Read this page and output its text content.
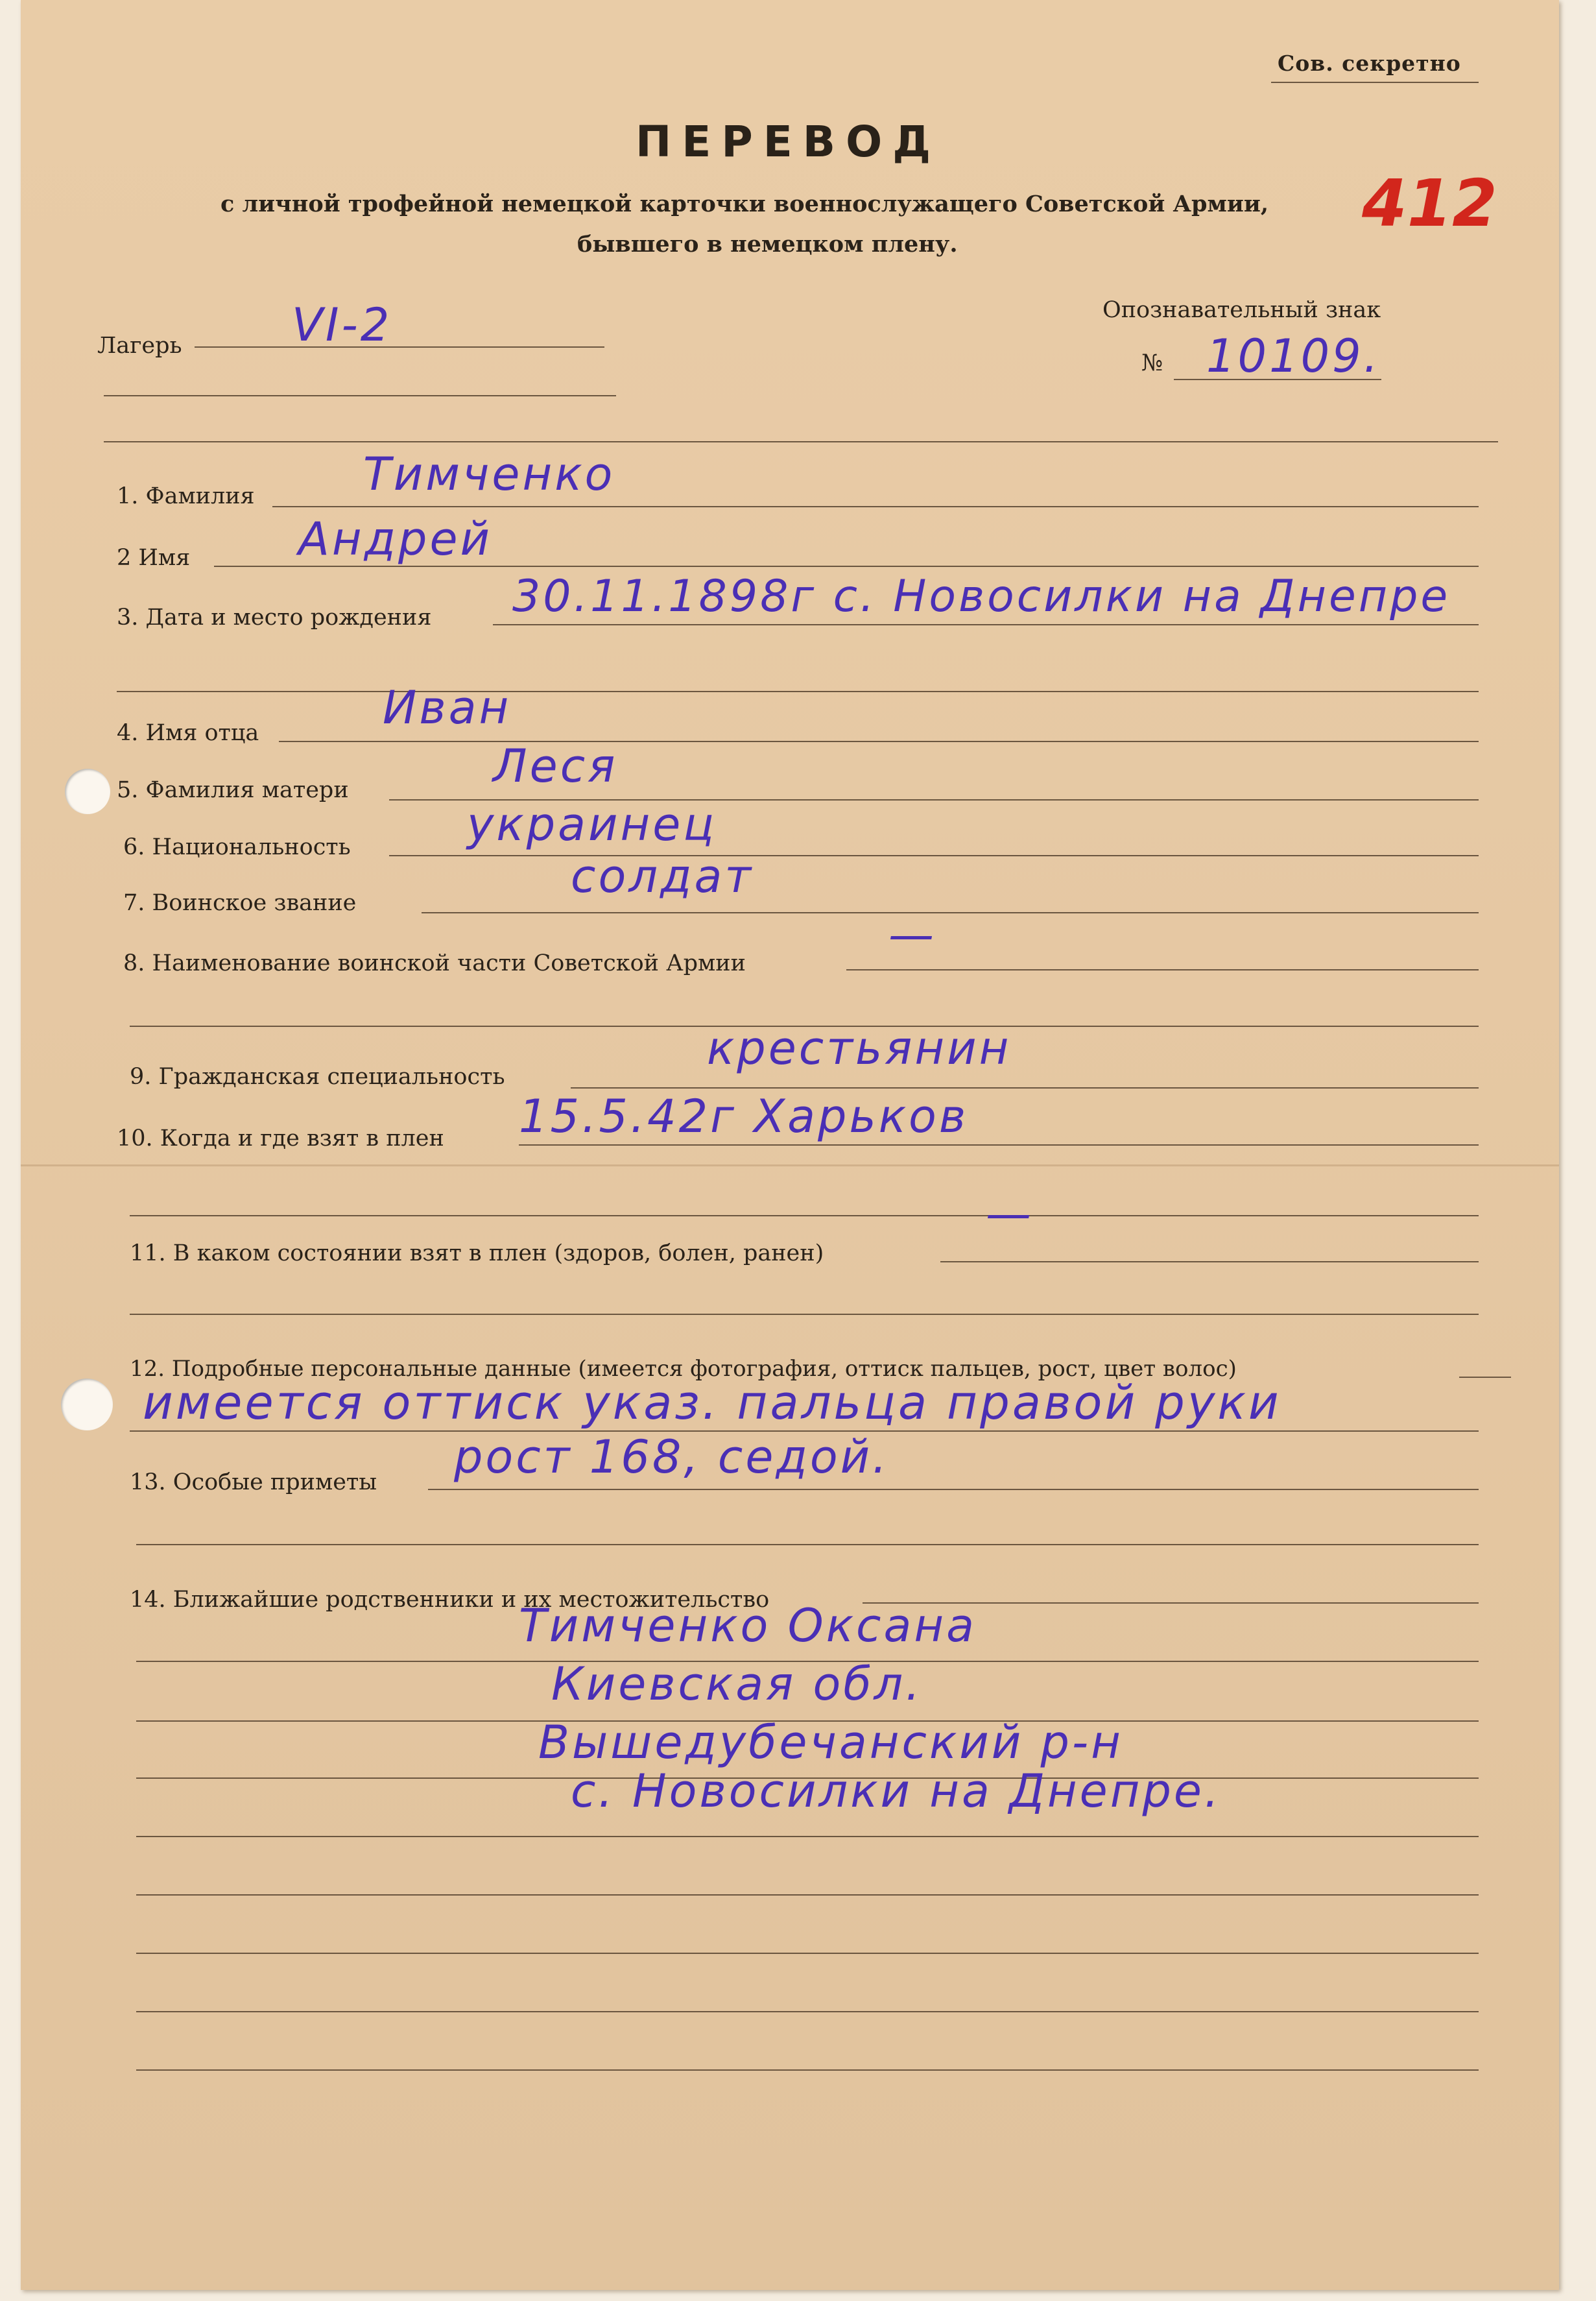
Сов. секретно
ПЕРЕВОД
с личной трофейной немецкой карточки военнослужащего Советской Армии,
бывшего в немецком плену.
412
Лагерь VI-2	Опознавательный знак
№ 10109.
1. Фамилия Тимченко
2 Имя Андрей
3. Дата и место рождения 30.11.1898г с. Новосилки на Днепре
4. Имя отца	Иван
5. Фамилия матери	Леся
6. Национальность	украинец
7. Воинское звание	солдат
8. Наименование воинской части Советской Армии
—
9. Гражданская специальность
крестьянин
10. Когда и где взят в плен 15.5.42г Харьков
11. В каком состоянии взят в плен (здоров, болен, ранен)
—
12. Подробные персональные данные (имеется фотография, оттиск пальцев, рост, цвет волос)
имеется оттиск указ. пальца правой руки
13. Особые приметы рост 168, седой.
14. Ближайшие родственники и их местожительство
Тимченко Оксана
Киевская обл.
Вышедубечанский р-н
с. Новосилки на Днепре.
